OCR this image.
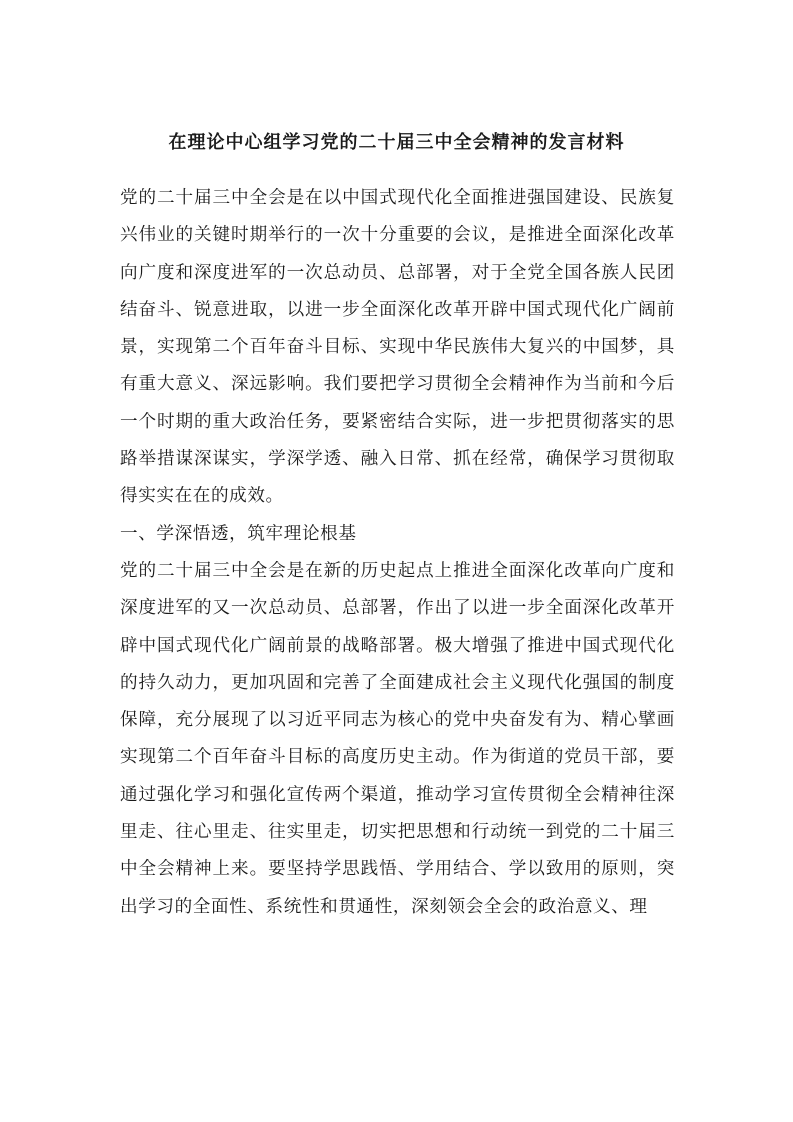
在理论中心组学习党的二十届三中全会精神的发言材料

党的二十届三中全会是在以中国式现代化全面推进强国建设、民族复兴伟业的关键时期举行的一次十分重要的会议，是推进全面深化改革向广度和深度进军的一次总动员、总部署，对于全党全国各族人民团结奋斗、锐意进取，以进一步全面深化改革开辟中国式现代化广阔前景，实现第二个百年奋斗目标、实现中华民族伟大复兴的中国梦，具有重大意义、深远影响。我们要把学习贯彻全会精神作为当前和今后一个时期的重大政治任务，要紧密结合实际，进一步把贯彻落实的思路举措谋深谋实，学深学透、融入日常、抓在经常，确保学习贯彻取得实实在在的成效。

一、学深悟透，筑牢理论根基

党的二十届三中全会是在新的历史起点上推进全面深化改革向广度和深度进军的又一次总动员、总部署，作出了以进一步全面深化改革开辟中国式现代化广阔前景的战略部署。极大增强了推进中国式现代化的持久动力，更加巩固和完善了全面建成社会主义现代化强国的制度保障，充分展现了以习近平同志为核心的党中央奋发有为、精心擘画实现第二个百年奋斗目标的高度历史主动。作为街道的党员干部，要通过强化学习和强化宣传两个渠道，推动学习宣传贯彻全会精神往深里走、往心里走、往实里走，切实把思想和行动统一到党的二十届三中全会精神上来。要坚持学思践悟、学用结合、学以致用的原则，突出学习的全面性、系统性和贯通性，深刻领会全会的政治意义、理
